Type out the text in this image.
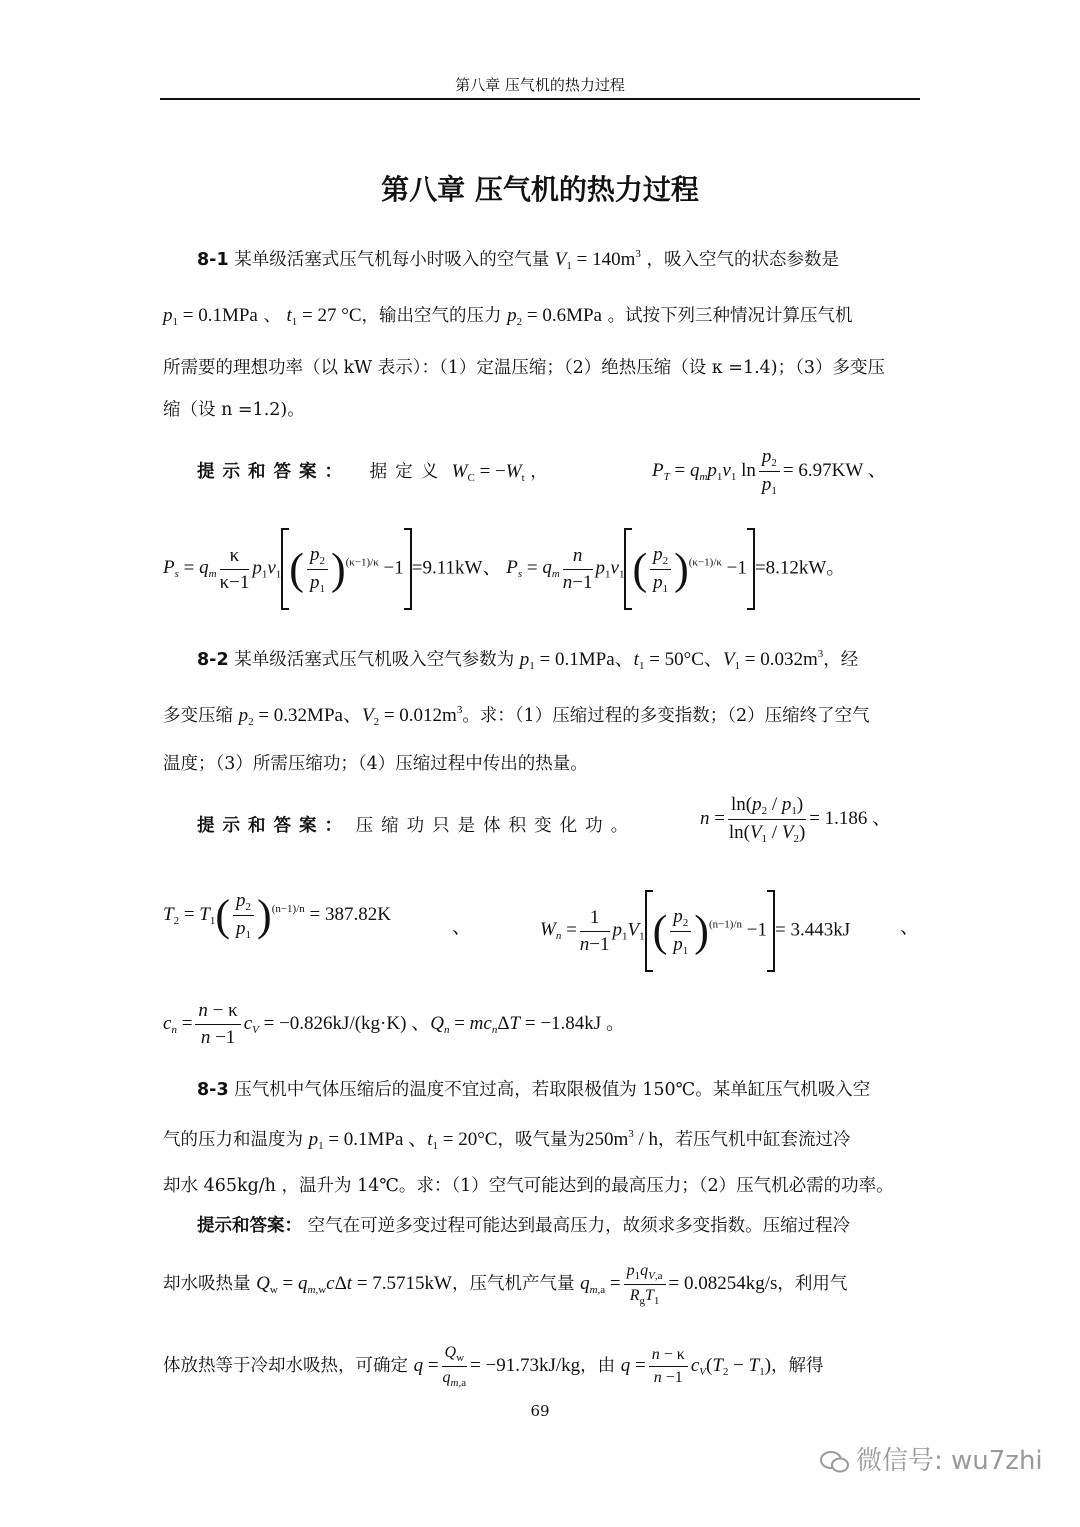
第八章 压气机的热力过程
第八章 压气机的热力过程
8-1 某单级活塞式压气机每小时吸入的空气量 $V_1 = 140m^3$ ，吸入空气的状态参数是
$p_1 = 0.1MPa$ 、 $t_1 = 27$ °C，输出空气的压力 $p_2 = 0.6MPa$ 。试按下列三种情况计算压气机
所需要的理想功率（以 kW 表示）：（1）定温压缩；（2）绝热压缩（设 κ =1.4)；（3）多变压
缩（设 n =1.2)。
提示和答案： 据定义 $W_C = -W_t$ ，	$P_T = q_mp_1v_1$ $\ln \frac{p_2}{p_1} = 6.97KW$ 、
$P_s = q_m \frac{\kappa}{\kappa-1} p_1v_1$ ( $\frac{p_2}{p_1} )^{(\kappa-1)/\kappa} -1 =9.11kW$、 $P_s = q_m \frac{n}{n-1} p_1v_1$ ( $\frac{p_2}{p_1} )^{(\kappa-1)/\kappa} -1 =8.12kW$。
8-2 某单级活塞式压气机吸入空气参数为 $p_1 = 0.1MPa$、$t_1 = 50^\circ C$、$V_1 = 0.032m^3$，经
多变压缩 $p_2 = 0.32MPa$、$V_2 = 0.012m^3$。求：（1）压缩过程的多变指数；（2）压缩终了空气
温度；（3）所需压缩功；（4）压缩过程中传出的热量。
提示和答案： 压缩功只是体积变化功。	$n = \frac{\ln(p_2 / p_1)}{\ln(V_1 / V_2)} = 1.186$ 、
$T_2 = T_1( \frac{p_2}{p_1} )^{(n-1)/n} = 387.82K$
、	$W_n = \frac{1}{n-1} p_1V_1$ ( $\frac{p_2}{p_1} )^{(n-1)/n} -1 = 3.443kJ$	、
$c_n = \frac{n - \kappa}{n -1} c_V = -0.826kJ/(kg\cdot K)$ 、$Q_n = mc_n\Delta T = -1.84kJ$ 。
8-3 压气机中气体压缩后的温度不宜过高，若取限极值为 150℃。某单缸压气机吸入空
气的压力和温度为 $p_1 = 0.1MPa$ 、$t_1 = 20^\circ C$，吸气量为$250m^3$ / h，若压气机中缸套流过冷
却水 465kg/h ，温升为 14℃。求：（1）空气可能达到的最高压力；（2）压气机必需的功率。
提示和答案： 空气在可逆多变过程可能达到最高压力，故须求多变指数。压缩过程冷
却水吸热量 $Q_w = q_{m,w}c\Delta t = 7.5715kW$，压气机产气量 $q_{m,a} = \frac{p_1q_{V,a}}{R_gT_1} = 0.08254kg/s$，利用气
体放热等于冷却水吸热，可确定 $q = \frac{Q_w}{q_{m,a}} = -91.73kJ/kg$，由 $q = \frac{n - \kappa}{n -1} c_V(T_2 - T_1)$，解得
69
微信号: wu7zhi
